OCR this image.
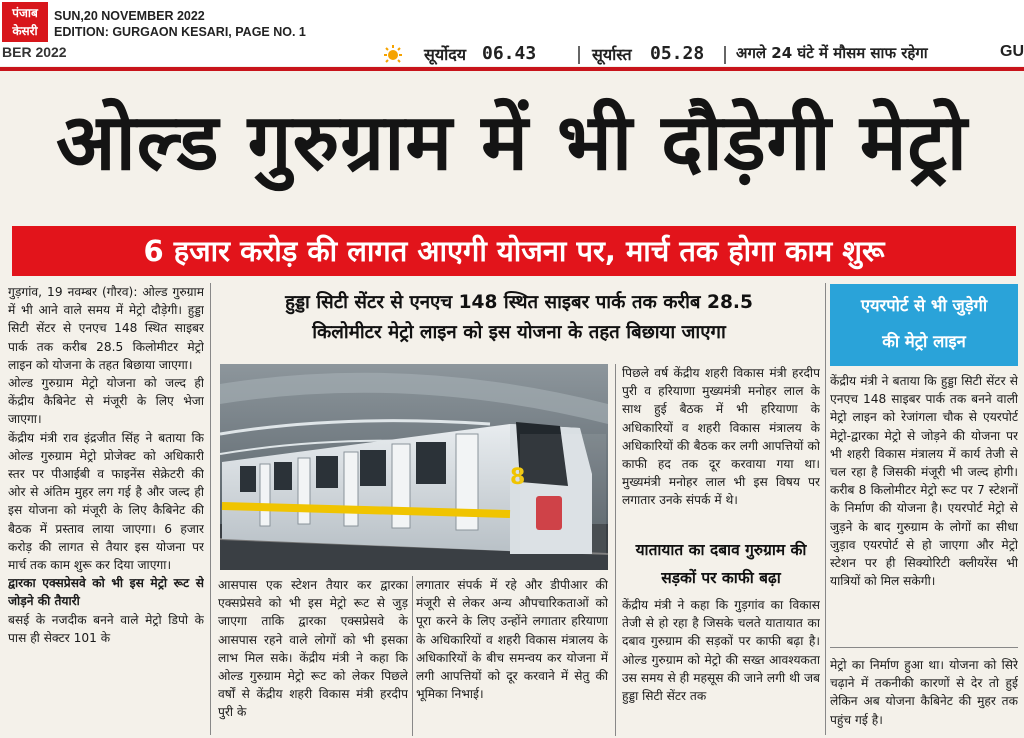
पंजाब
केसरी
SUN,20 NOVEMBER 2022
EDITION: GURGAON KESARI, PAGE NO. 1
BER 2022	सूर्योदय 06.43	सूर्यास्त 05.28 अगले 24 घंटे में मौसम साफ रहेगा	GU
ओल्ड गुरुग्राम में भी दौड़ेगी मेट्रो
6 हजार करोड़ की लागत आएगी योजना पर, मार्च तक होगा काम शुरू

गुड़गांव, 19 नवम्बर (गौरव): ओल्ड गुरुग्राम में भी आने वाले समय में मेट्रो दौड़ेगी। हुड्डा सिटी सेंटर से एनएच 148 स्थित साइबर पार्क तक करीब 28.5 किलोमीटर मेट्रो लाइन को योजना के तहत बिछाया जाएगा।

ओल्ड गुरुग्राम मेट्रो योजना को जल्द ही केंद्रीय कैबिनेट से मंजूरी के लिए भेजा जाएगा।

केंद्रीय मंत्री राव इंद्रजीत सिंह ने बताया कि ओल्ड गुरुग्राम मेट्रो प्रोजेक्ट को अधिकारी स्तर पर पीआईबी व फाइनेंस सेक्रेटरी की ओर से अंतिम मुहर लग गई है और जल्द ही इस योजना को मंजूरी के लिए कैबिनेट की बैठक में प्रस्ताव लाया जाएगा। 6 हजार करोड़ की लागत से तैयार इस योजना पर मार्च तक काम शुरू कर दिया जाएगा।

द्वारका एक्सप्रेसवे को भी इस मेट्रो रूट से जोड़ने की तैयारी

बसई के नजदीक बनने वाले मेट्रो डिपो के पास ही सेक्टर 101 के

हुड्डा सिटी सेंटर से एनएच 148 स्थित साइबर पार्क तक करीब 28.5
किलोमीटर मेट्रो लाइन को इस योजना के तहत बिछाया जाएगा
8

आसपास एक स्टेशन तैयार कर द्वारका एक्सप्रेसवे को भी इस मेट्रो रूट से जुड़ जाएगा ताकि द्वारका एक्सप्रेसवे के आसपास रहने वाले लोगों को भी इसका लाभ मिल सके। केंद्रीय मंत्री ने कहा कि ओल्ड गुरुग्राम मेट्रो रूट को लेकर पिछले वर्षों से केंद्रीय शहरी विकास मंत्री हरदीप पुरी के

लगातार संपर्क में रहे और डीपीआर की मंजूरी से लेकर अन्य औपचारिकताओं को पूरा करने के लिए उन्होंने लगातार हरियाणा के अधिकारियों व शहरी विकास मंत्रालय के अधिकारियों के बीच समन्वय कर योजना में लगी आपत्तियों को दूर करवाने में सेतु की भूमिका निभाई।

पिछले वर्ष केंद्रीय शहरी विकास मंत्री हरदीप पुरी व हरियाणा मुख्यमंत्री मनोहर लाल के साथ हुई बैठक में भी हरियाणा के अधिकारियों व शहरी विकास मंत्रालय के अधिकारियों की बैठक कर लगी आपत्तियों को काफी हद तक दूर करवाया गया था। मुख्यमंत्री मनोहर लाल भी इस विषय पर लगातार उनके संपर्क में थे।

यातायात का दबाव गुरुग्राम की सड़कों पर काफी बढ़ा

केंद्रीय मंत्री ने कहा कि गुड़गांव का विकास तेजी से हो रहा है जिसके चलते यातायात का दबाव गुरुग्राम की सड़कों पर काफी बढ़ा है। ओल्ड गुरुग्राम को मेट्रो की सख्त आवश्यकता उस समय से ही महसूस की जाने लगी थी जब हुड्डा सिटी सेंटर तक

एयरपोर्ट से भी जुड़ेगी
की मेट्रो लाइन

केंद्रीय मंत्री ने बताया कि हुड्डा सिटी सेंटर से एनएच 148 साइबर पार्क तक बनने वाली मेट्रो लाइन को रेजांगला चौक से एयरपोर्ट मेट्रो-द्वारका मेट्रो से जोड़ने की योजना पर भी शहरी विकास मंत्रालय में कार्य तेजी से चल रहा है जिसकी मंजूरी भी जल्द होगी। करीब 8 किलोमीटर मेट्रो रूट पर 7 स्टेशनों के निर्माण की योजना है। एयरपोर्ट मेट्रो से जुड़ने के बाद गुरुग्राम के लोगों का सीधा जुड़ाव एयरपोर्ट से हो जाएगा और मेट्रो स्टेशन पर ही सिक्योरिटी क्लीयरेंस भी यात्रियों को मिल सकेगी।

मेट्रो का निर्माण हुआ था। योजना को सिरे चढ़ाने में तकनीकी कारणों से देर तो हुई लेकिन अब योजना कैबिनेट की मुहर तक पहुंच गई है।
